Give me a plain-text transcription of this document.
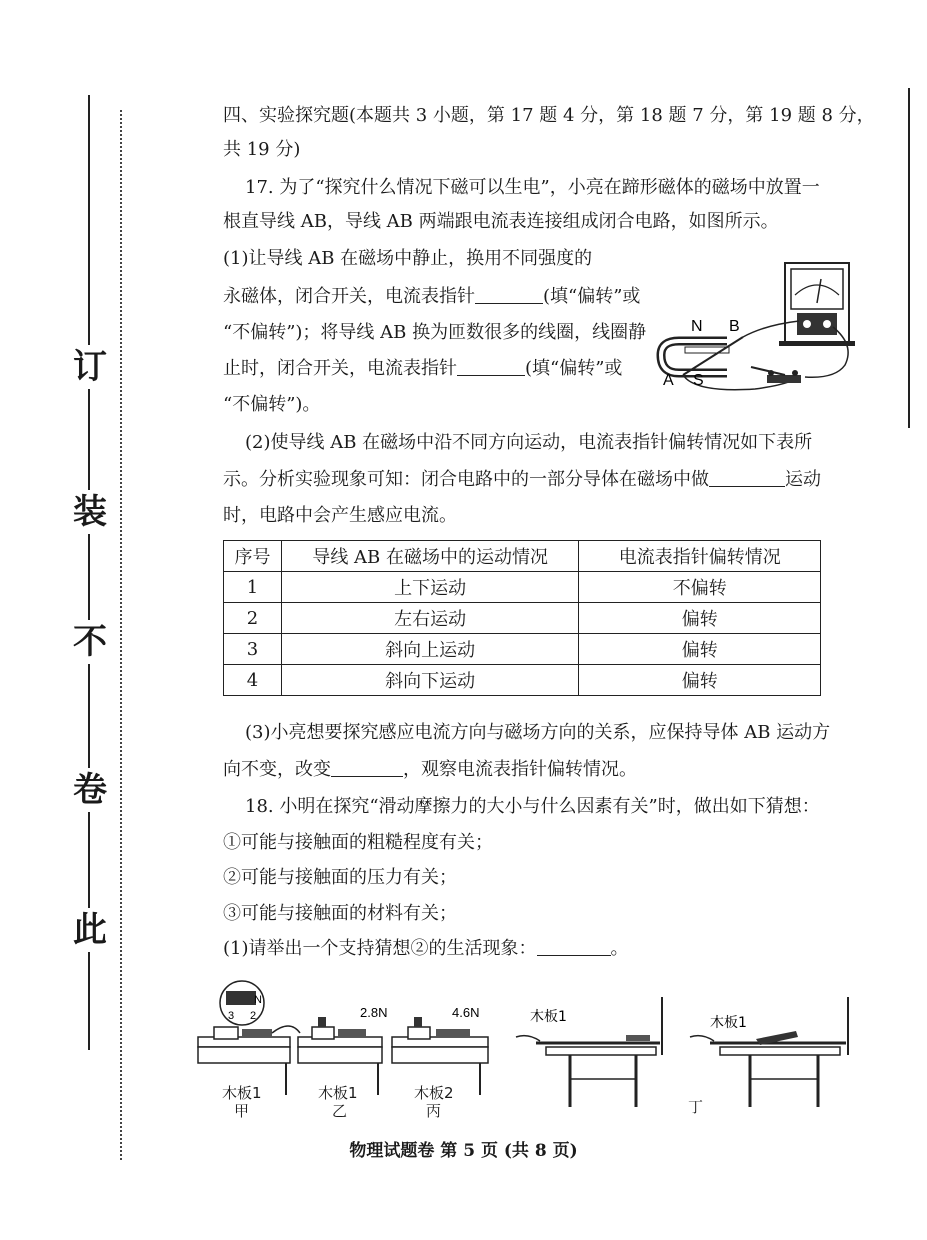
此
卷
不
装
订
四、实验探究题(本题共 3 小题，第 17 题 4 分，第 18 题 7 分，第 19 题 8 分，
共 19 分)
17. 为了“探究什么情况下磁可以生电”，小亮在蹄形磁体的磁场中放置一
根直导线 AB，导线 AB 两端跟电流表连接组成闭合电路，如图所示。
(1)让导线 AB 在磁场中静止，换用不同强度的
永磁体，闭合开关，电流表指针	(填“偏转”或
“不偏转”)；将导线 AB 换为匝数很多的线圈，线圈静
止时，闭合开关，电流表指针	(填“偏转”或
“不偏转”)。
N B
A S
(2)使导线 AB 在磁场中沿不同方向运动，电流表指针偏转情况如下表所
示。分析实验现象可知：闭合电路中的一部分导体在磁场中做	运动
时，电路中会产生感应电流。
序号	导线 AB 在磁场中的运动情况	电流表指针偏转情况
1	上下运动	不偏转
2	左右运动	偏转
3	斜向上运动	偏转
4	斜向下运动	偏转
(3)小亮想要探究感应电流方向与磁场方向的关系，应保持导体 AB 运动方
向不变，改变	，观察电流表指针偏转情况。
18. 小明在探究“滑动摩擦力的大小与什么因素有关”时，做出如下猜想：
①可能与接触面的粗糙程度有关；
②可能与接触面的压力有关；
③可能与接触面的材料有关；
(1)请举出一个支持猜想②的生活现象：	。
N
3 2	2.8N	4.6N	木板1	木板1
木板1
甲
木板1
乙
木板2
丙	丁
物理试题卷 第 5 页 (共 8 页)
